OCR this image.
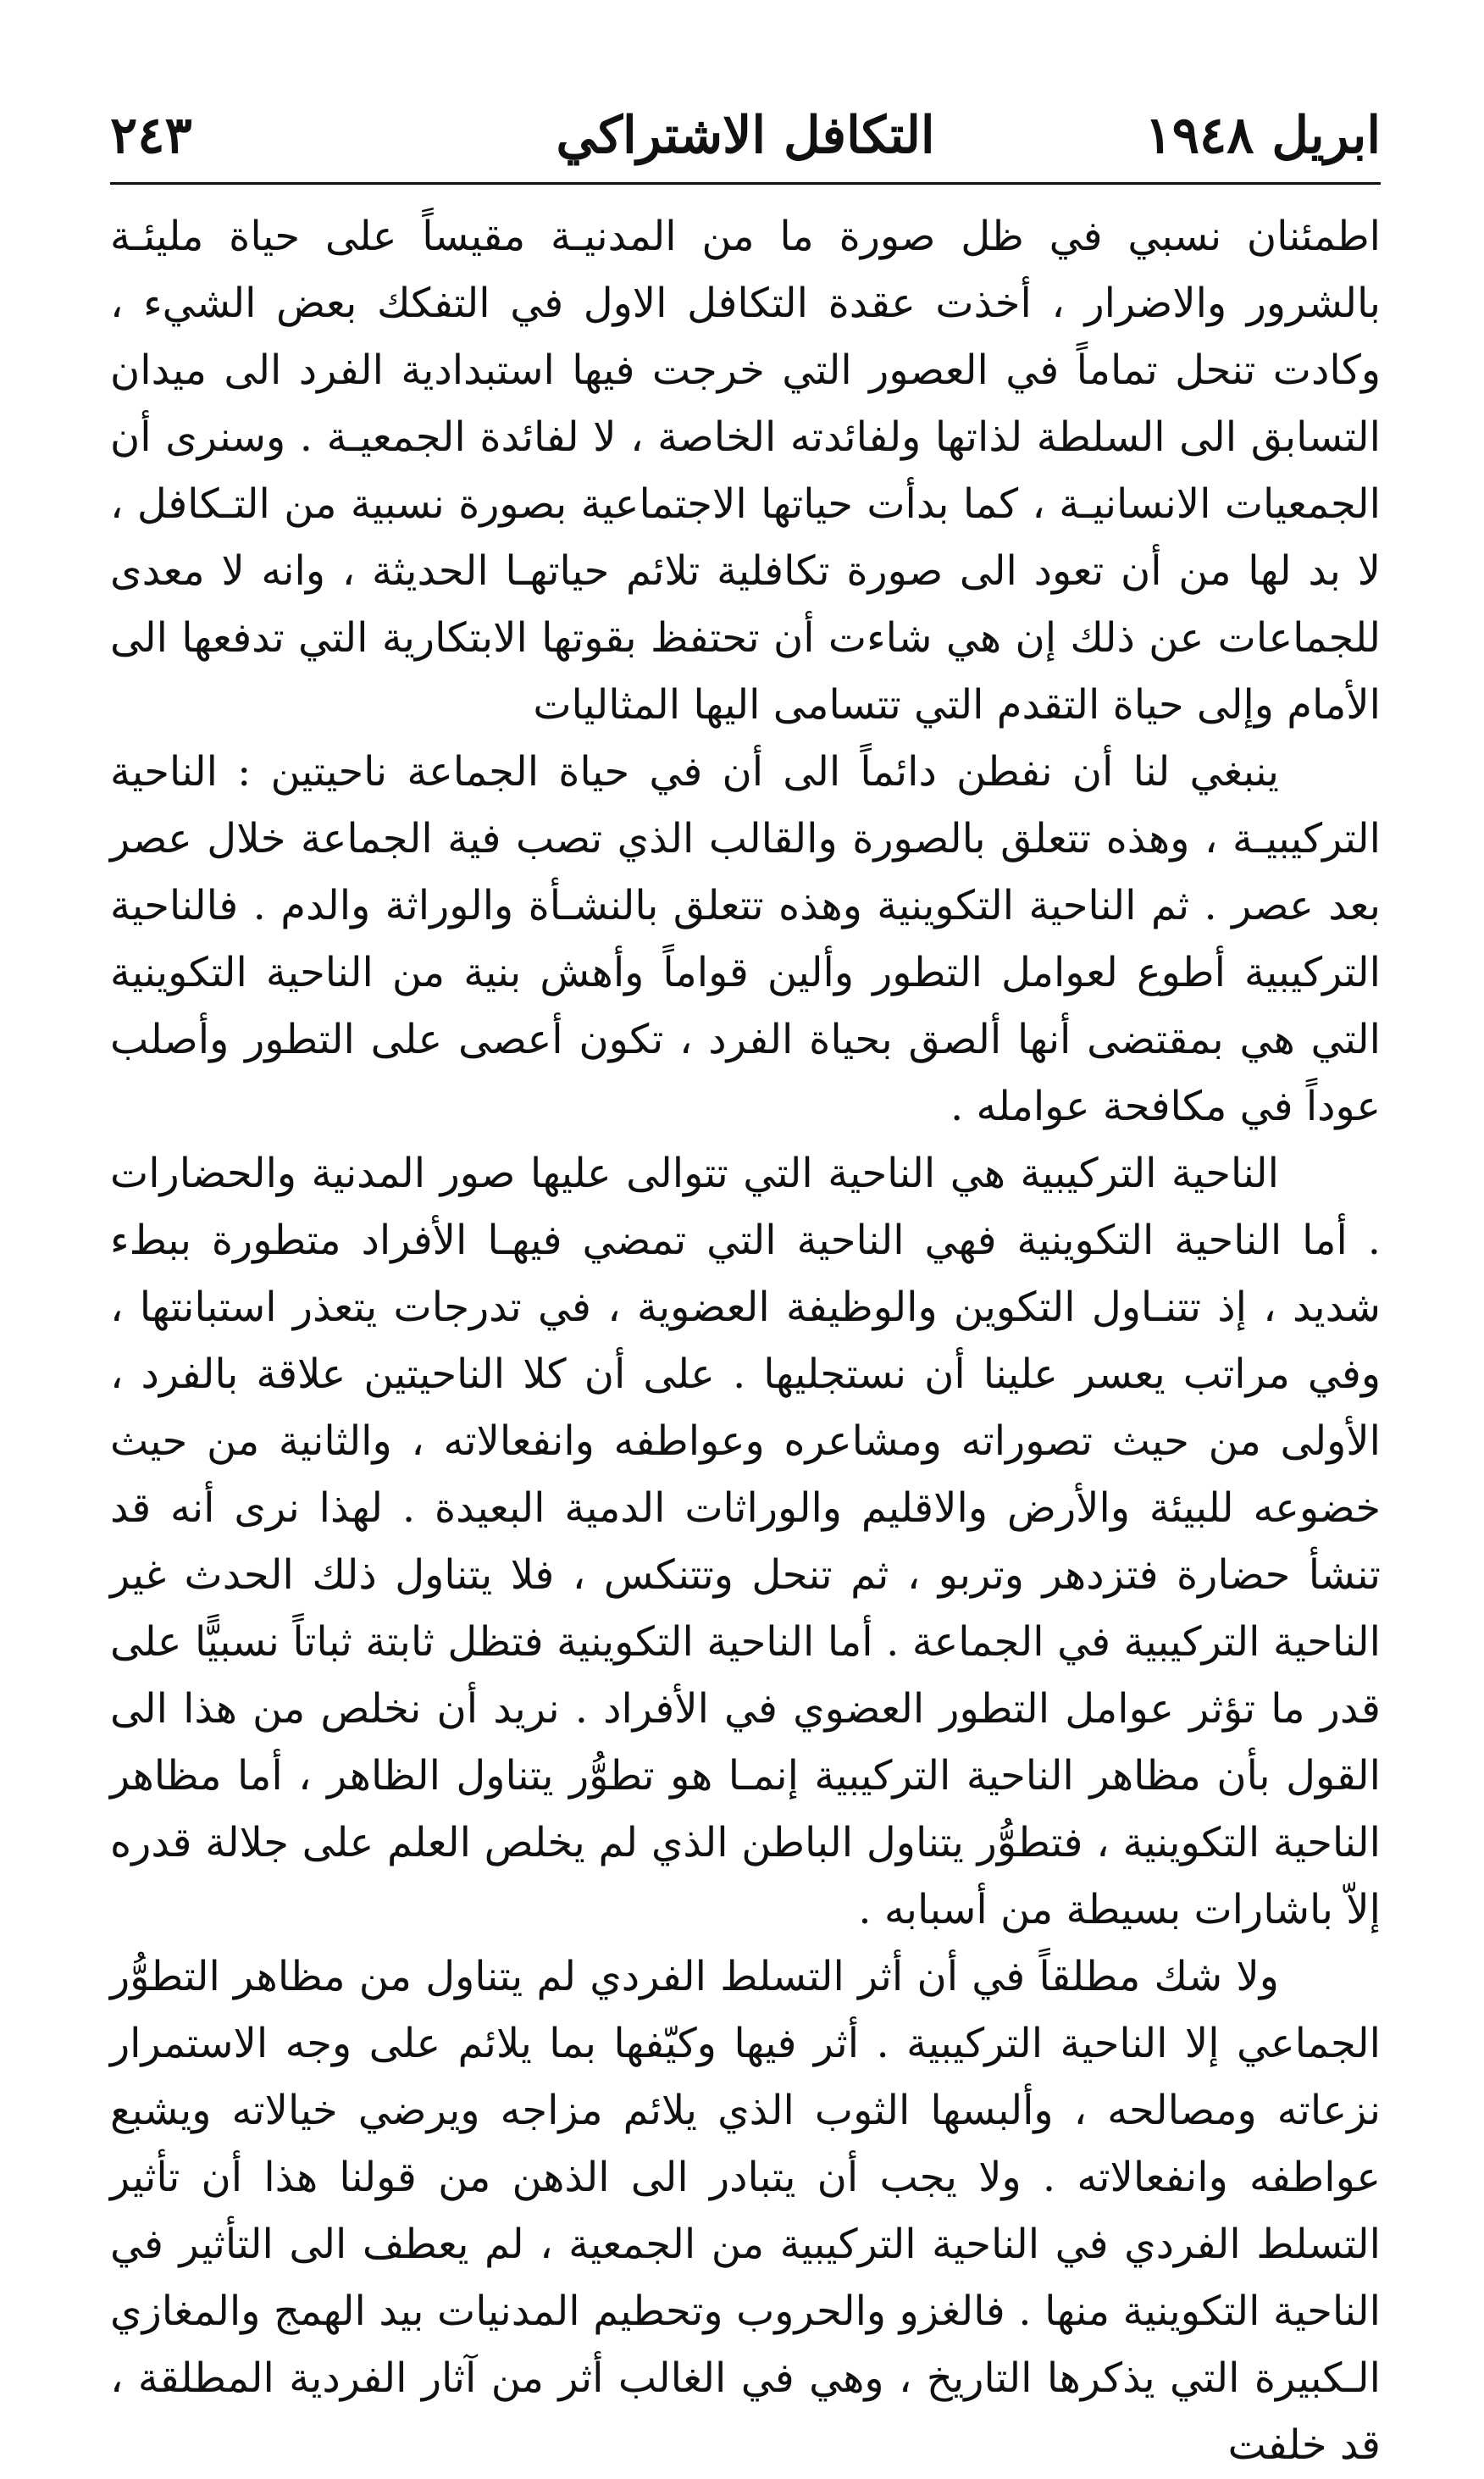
ابريل ١٩٤٨
التكافل الاشتراكي
٢٤٣

اطمئنان نسبي في ظل صورة ما من المدنيـة مقيساً على حياة مليئـة بالشرور والاضرار ، أخذت عقدة التكافل الاول في التفكك بعض الشيء ، وكادت تنحل تماماً في العصور التي خرجت فيها استبدادية الفرد الى ميدان التسابق الى السلطة لذاتها ولفائدته الخاصة ، لا لفائدة الجمعيـة . وسنرى أن الجمعيات الانسانيـة ، كما بدأت حياتها الاجتماعية بصورة نسبية من التـكافل ، لا بد لها من أن تعود الى صورة تكافلية تلائم حياتهـا الحديثة ، وانه لا معدى للجماعات عن ذلك إن هي شاءت أن تحتفظ بقوتها الابتكارية التي تدفعها الى الأمام وإلى حياة التقدم التي تتسامى اليها المثاليات

ينبغي لنا أن نفطن دائماً الى أن في حياة الجماعة ناحيتين : الناحية التركيبيـة ، وهذه تتعلق بالصورة والقالب الذي تصب فية الجماعة خلال عصر بعد عصر . ثم الناحية التكوينية وهذه تتعلق بالنشـأة والوراثة والدم . فالناحية التركيبية أطوع لعوامل التطور وألين قواماً وأهش بنية من الناحية التكوينية التي هي بمقتضى أنها ألصق بحياة الفرد ، تكون أعصى على التطور وأصلب عوداً في مكافحة عوامله .

الناحية التركيبية هي الناحية التي تتوالى عليها صور المدنية والحضارات . أما الناحية التكوينية فهي الناحية التي تمضي فيهـا الأفراد متطورة ببطء شديد ، إذ تتنـاول التكوين والوظيفة العضوية ، في تدرجات يتعذر استبانتها ، وفي مراتب يعسر علينا أن نستجليها . على أن كلا الناحيتين علاقة بالفرد ، الأولى من حيث تصوراته ومشاعره وعواطفه وانفعالاته ، والثانية من حيث خضوعه للبيئة والأرض والاقليم والوراثات الدمية البعيدة . لهذا نرى أنه قد تنشأ حضارة فتزدهر وتربو ، ثم تنحل وتتنكس ، فلا يتناول ذلك الحدث غير الناحية التركيبية في الجماعة . أما الناحية التكوينية فتظل ثابتة ثباتاً نسبيًّا على قدر ما تؤثر عوامل التطور العضوي في الأفراد . نريد أن نخلص من هذا الى القول بأن مظاهر الناحية التركيبية إنمـا هو تطوُّر يتناول الظاهر ، أما مظاهر الناحية التكوينية ، فتطوُّر يتناول الباطن الذي لم يخلص العلم على جلالة قدره إلاّ باشارات بسيطة من أسبابه .

ولا شك مطلقاً في أن أثر التسلط الفردي لم يتناول من مظاهر التطوُّر الجماعي إلا الناحية التركيبية . أثر فيها وكيّفها بما يلائم على وجه الاستمرار نزعاته ومصالحه ، وألبسها الثوب الذي يلائم مزاجه ويرضي خيالاته ويشبع عواطفه وانفعالاته . ولا يجب أن يتبادر الى الذهن من قولنا هذا أن تأثير التسلط الفردي في الناحية التركيبية من الجمعية ، لم يعطف الى التأثير في الناحية التكوينية منها . فالغزو والحروب وتحطيم المدنيات بيد الهمج والمغازي الـكبيرة التي يذكرها التاريخ ، وهي في الغالب أثر من آثار الفردية المطلقة ، قد خلفت
